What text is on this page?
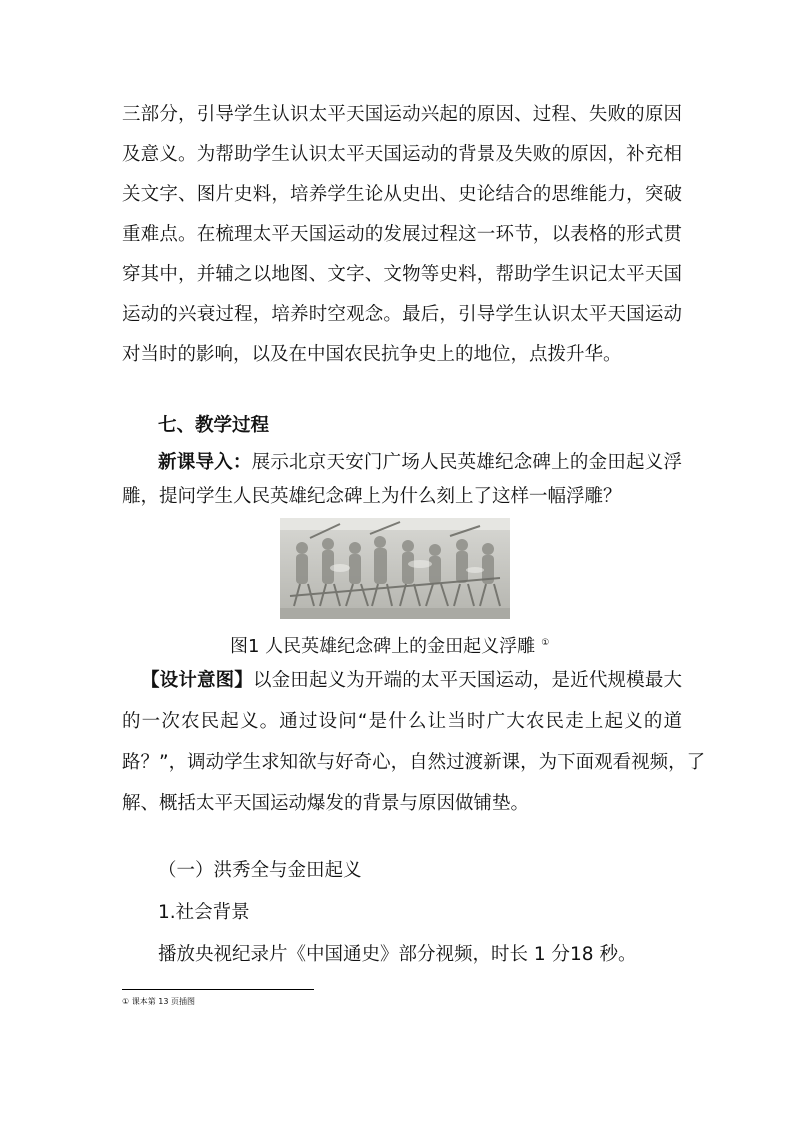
三部分，引导学生认识太平天国运动兴起的原因、过程、失败的原因
及意义。为帮助学生认识太平天国运动的背景及失败的原因，补充相
关文字、图片史料，培养学生论从史出、史论结合的思维能力，突破
重难点。在梳理太平天国运动的发展过程这一环节，以表格的形式贯
穿其中，并辅之以地图、文字、文物等史料，帮助学生识记太平天国
运动的兴衰过程，培养时空观念。最后，引导学生认识太平天国运动
对当时的影响，以及在中国农民抗争史上的地位，点拨升华。
七、教学过程
新课导入：展示北京天安门广场人民英雄纪念碑上的金田起义浮
雕，提问学生人民英雄纪念碑上为什么刻上了这样一幅浮雕？
图1 人民英雄纪念碑上的金田起义浮雕 ①
【设计意图】以金田起义为开端的太平天国运动，是近代规模最大
的一次农民起义。通过设问“是什么让当时广大农民走上起义的道
路？”，调动学生求知欲与好奇心，自然过渡新课，为下面观看视频，了
解、概括太平天国运动爆发的背景与原因做铺垫。
（一）洪秀全与金田起义
1.社会背景
播放央视纪录片《中国通史》部分视频，时长 1 分18 秒。
① 课本第 13 页插图
